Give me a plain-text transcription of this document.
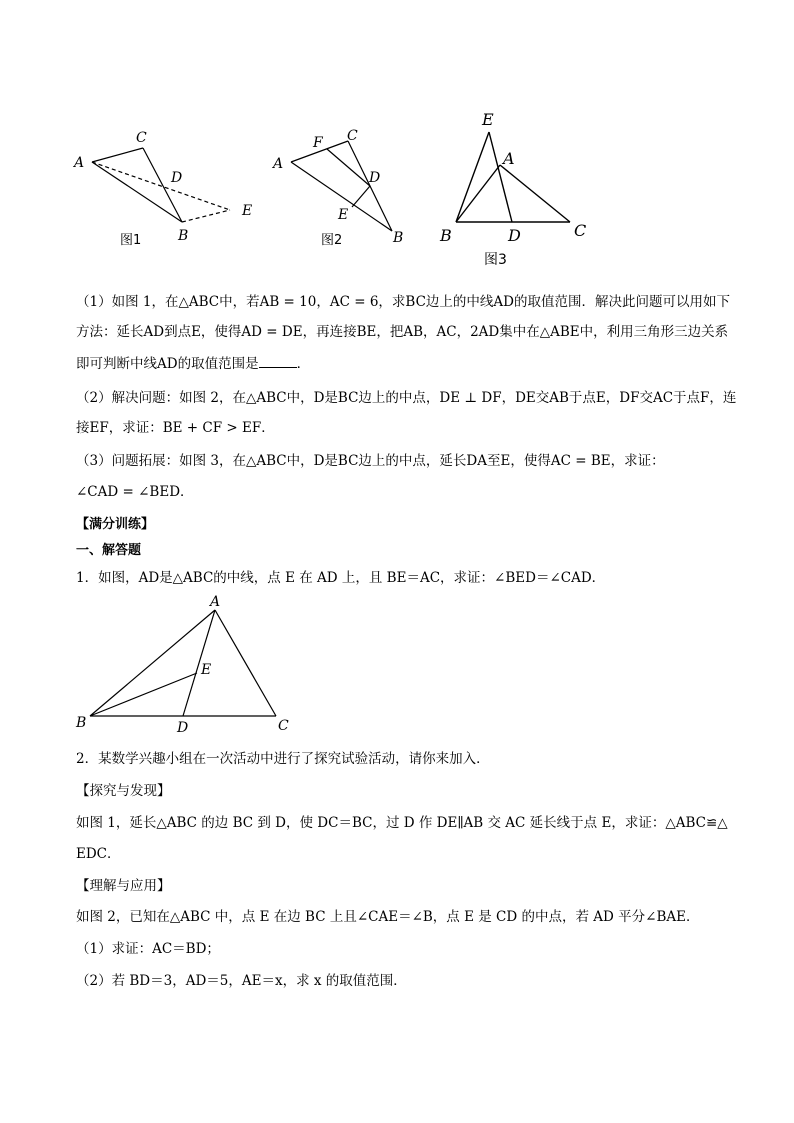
A
C
D
E
B
图1
A
F C
D
E
B
图2
E
A
B	D	C
图3
（1）如图 1，在△ABC中，若AB = 10，AC = 6，求BC边上的中线AD的取值范围．解决此问题可以用如下
方法：延长AD到点E，使得AD = DE，再连接BE，把AB，AC，2AD集中在△ABE中，利用三角形三边关系
即可判断中线AD的取值范围是	．
（2）解决问题：如图 2，在△ABC中，D是BC边上的中点，DE ⊥ DF，DE交AB于点E，DF交AC于点F，连
接EF，求证：BE + CF > EF．
（3）问题拓展：如图 3，在△ABC中，D是BC边上的中点，延长DA至E，使得AC = BE，求证：
∠CAD = ∠BED．
【满分训练】
一、解答题
1．如图，AD是△ABC的中线，点 E 在 AD 上，且 BE＝AC，求证：∠BED＝∠CAD．
A
E
B	D	C
2．某数学兴趣小组在一次活动中进行了探究试验活动，请你来加入．
【探究与发现】
如图 1，延长△ABC 的边 BC 到 D，使 DC＝BC，过 D 作 DE∥AB 交 AC 延长线于点 E，求证：△ABC≌△
EDC．
【理解与应用】
如图 2，已知在△ABC 中，点 E 在边 BC 上且∠CAE＝∠B，点 E 是 CD 的中点，若 AD 平分∠BAE．
（1）求证：AC＝BD；
（2）若 BD＝3，AD＝5，AE＝x，求 x 的取值范围．
